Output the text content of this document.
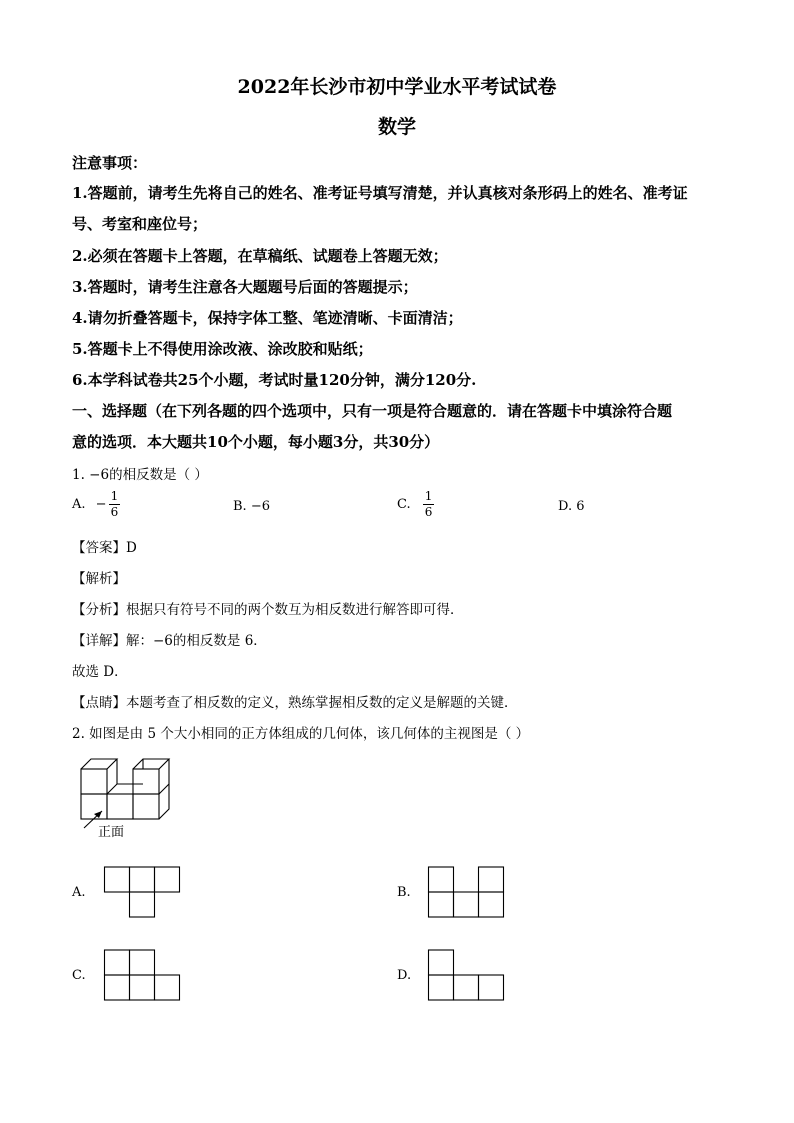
2022年长沙市初中学业水平考试试卷
数学
注意事项：
1.答题前，请考生先将自己的姓名、准考证号填写清楚，并认真核对条形码上的姓名、准考证
号、考室和座位号；
2.必须在答题卡上答题，在草稿纸、试题卷上答题无效；
3.答题时，请考生注意各大题题号后面的答题提示；
4.请勿折叠答题卡，保持字体工整、笔迹清晰、卡面清洁；
5.答题卡上不得使用涂改液、涂改胶和贴纸；
6.本学科试卷共25个小题，考试时量120分钟，满分120分.
一、选择题（在下列各题的四个选项中，只有一项是符合题意的．请在答题卡中填涂符合题
意的选项．本大题共10个小题，每小题3分，共30分）
1. −6的相反数是（ ）
A. − $\frac{1}{6}$	B. −6	C. $\frac{1}{6}$	D. 6
【答案】D
【解析】
【分析】根据只有符号不同的两个数互为相反数进行解答即可得．
【详解】解：−6的相反数是 6．
故选 D．
【点睛】本题考查了相反数的定义，熟练掌握相反数的定义是解题的关键．
2. 如图是由 5 个大小相同的正方体组成的几何体，该几何体的主视图是（ ）
正面
A.	B.
C.	D.
